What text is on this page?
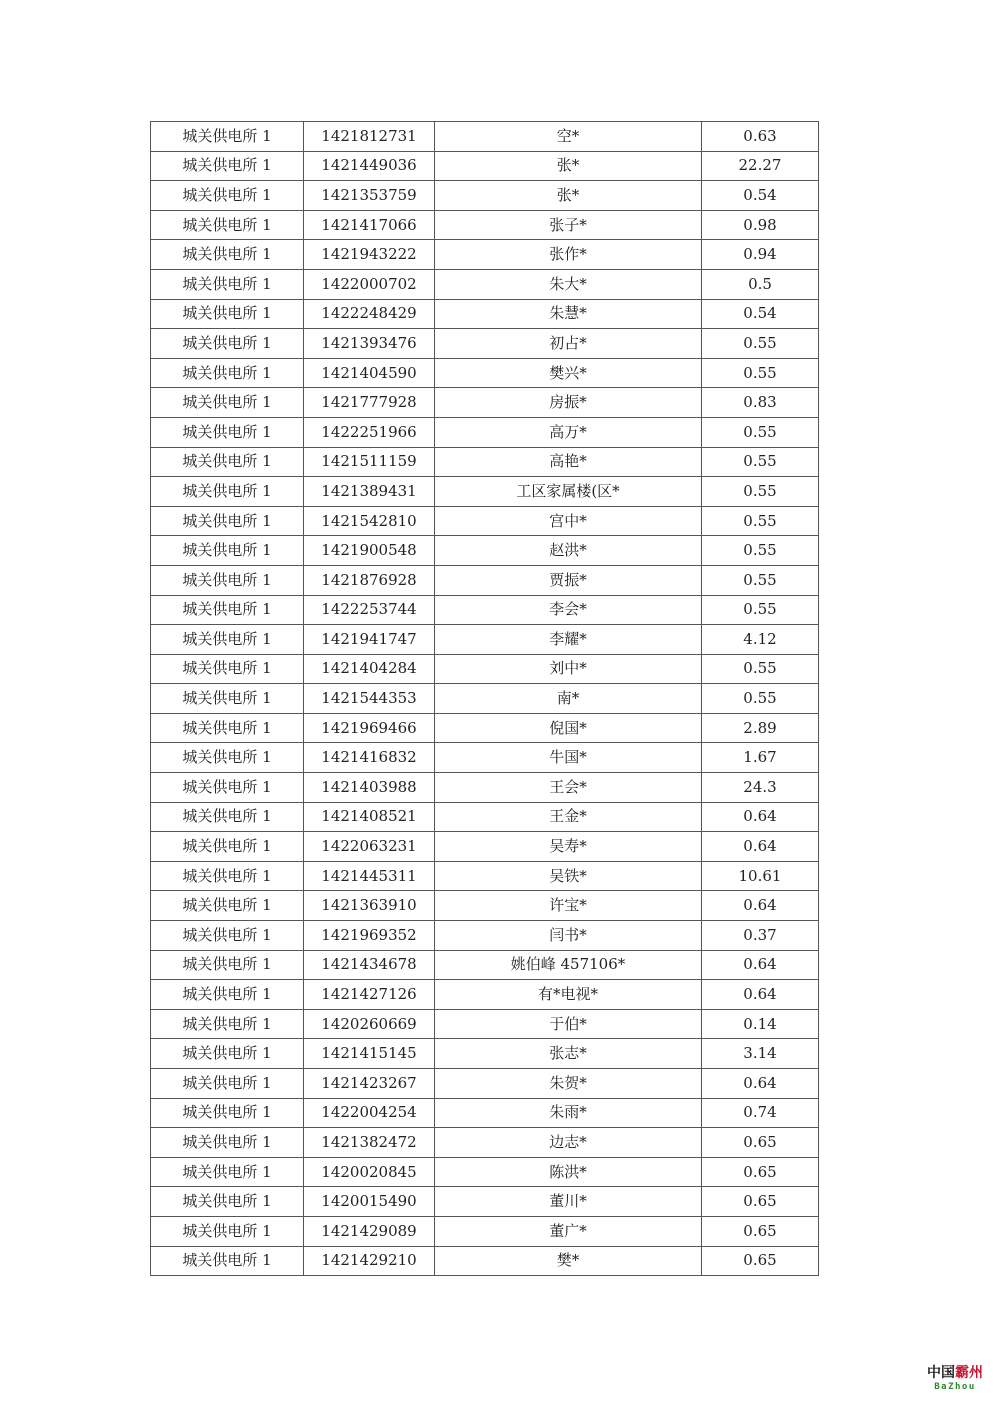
城关供电所 1	1421812731	空*	0.63
城关供电所 1	1421449036	张*	22.27
城关供电所 1	1421353759	张*	0.54
城关供电所 1	1421417066	张子*	0.98
城关供电所 1	1421943222	张作*	0.94
城关供电所 1	1422000702	朱大*	0.5
城关供电所 1	1422248429	朱慧*	0.54
城关供电所 1	1421393476	初占*	0.55
城关供电所 1	1421404590	樊兴*	0.55
城关供电所 1	1421777928	房振*	0.83
城关供电所 1	1422251966	高万*	0.55
城关供电所 1	1421511159	高艳*	0.55
城关供电所 1	1421389431	工区家属楼(区*	0.55
城关供电所 1	1421542810	宫中*	0.55
城关供电所 1	1421900548	赵洪*	0.55
城关供电所 1	1421876928	贾振*	0.55
城关供电所 1	1422253744	李会*	0.55
城关供电所 1	1421941747	李耀*	4.12
城关供电所 1	1421404284	刘中*	0.55
城关供电所 1	1421544353	南*	0.55
城关供电所 1	1421969466	倪国*	2.89
城关供电所 1	1421416832	牛国*	1.67
城关供电所 1	1421403988	王会*	24.3
城关供电所 1	1421408521	王金*	0.64
城关供电所 1	1422063231	吴寿*	0.64
城关供电所 1	1421445311	吴铁*	10.61
城关供电所 1	1421363910	许宝*	0.64
城关供电所 1	1421969352	闫书*	0.37
城关供电所 1	1421434678	姚伯峰 457106*	0.64
城关供电所 1	1421427126	有*电视*	0.64
城关供电所 1	1420260669	于伯*	0.14
城关供电所 1	1421415145	张志*	3.14
城关供电所 1	1421423267	朱贺*	0.64
城关供电所 1	1422004254	朱雨*	0.74
城关供电所 1	1421382472	边志*	0.65
城关供电所 1	1420020845	陈洪*	0.65
城关供电所 1	1420015490	董川*	0.65
城关供电所 1	1421429089	董广*	0.65
城关供电所 1	1421429210	樊*	0.65
中国霸州
BaZhou
